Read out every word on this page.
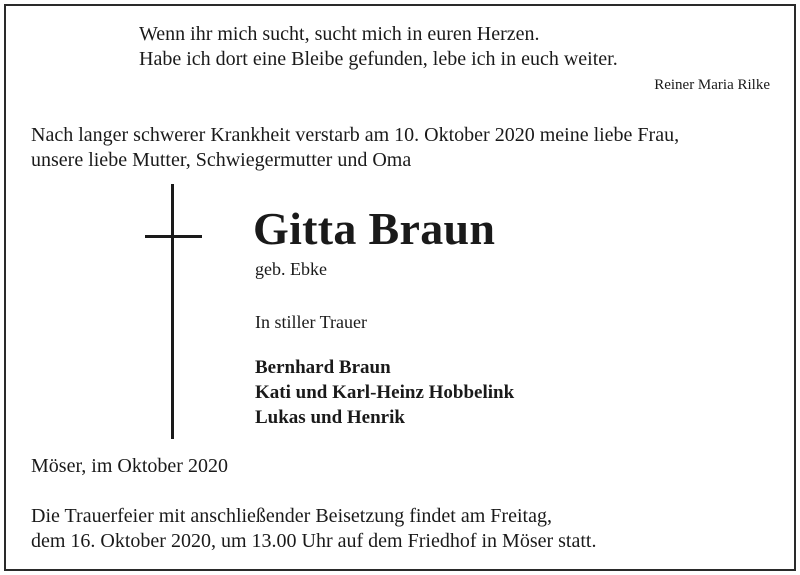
Wenn ihr mich sucht, sucht mich in euren Herzen.
Habe ich dort eine Bleibe gefunden, lebe ich in euch weiter.
Reiner Maria Rilke
Nach langer schwerer Krankheit verstarb am 10. Oktober 2020 meine liebe Frau,
unsere liebe Mutter, Schwiegermutter und Oma
Gitta Braun
geb. Ebke
In stiller Trauer
Bernhard Braun
Kati und Karl-Heinz Hobbelink
Lukas und Henrik
Möser, im Oktober 2020
Die Trauerfeier mit anschließender Beisetzung findet am Freitag,
dem 16. Oktober 2020, um 13.00 Uhr auf dem Friedhof in Möser statt.
